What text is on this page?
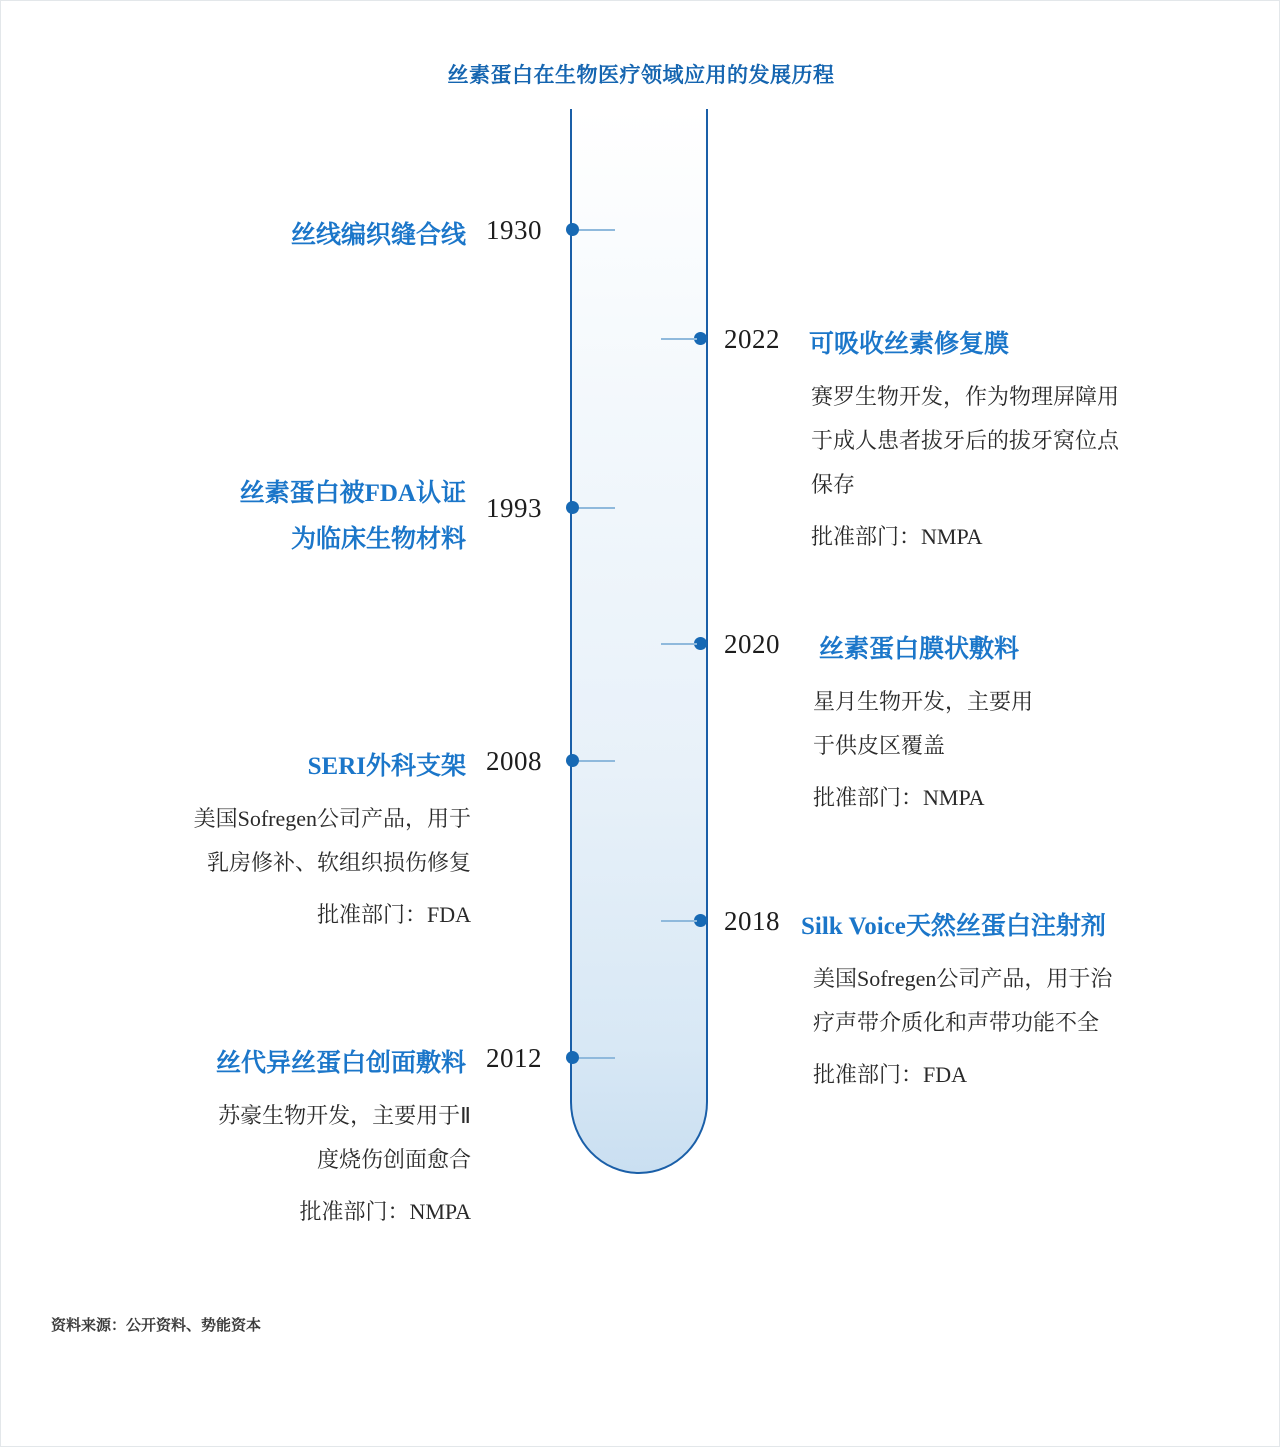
丝素蛋白在生物医疗领域应用的发展历程
1930
丝线编织缝合线
2022 可吸收丝素修复膜
赛罗生物开发，作为物理屏障用
于成人患者拔牙后的拔牙窝位点
保存
批准部门：NMPA
1993
丝素蛋白被FDA认证
为临床生物材料
2020 丝素蛋白膜状敷料
星月生物开发，主要用
于供皮区覆盖
批准部门：NMPA
2008
SERI外科支架
美国Sofregen公司产品，用于
乳房修补、软组织损伤修复
批准部门：FDA	2018 Silk Voice天然丝蛋白注射剂
美国Sofregen公司产品，用于治
疗声带介质化和声带功能不全
批准部门：FDA
2012
丝代异丝蛋白创面敷料
苏豪生物开发，主要用于Ⅱ
度烧伤创面愈合
批准部门：NMPA
资料来源：公开资料、势能资本
